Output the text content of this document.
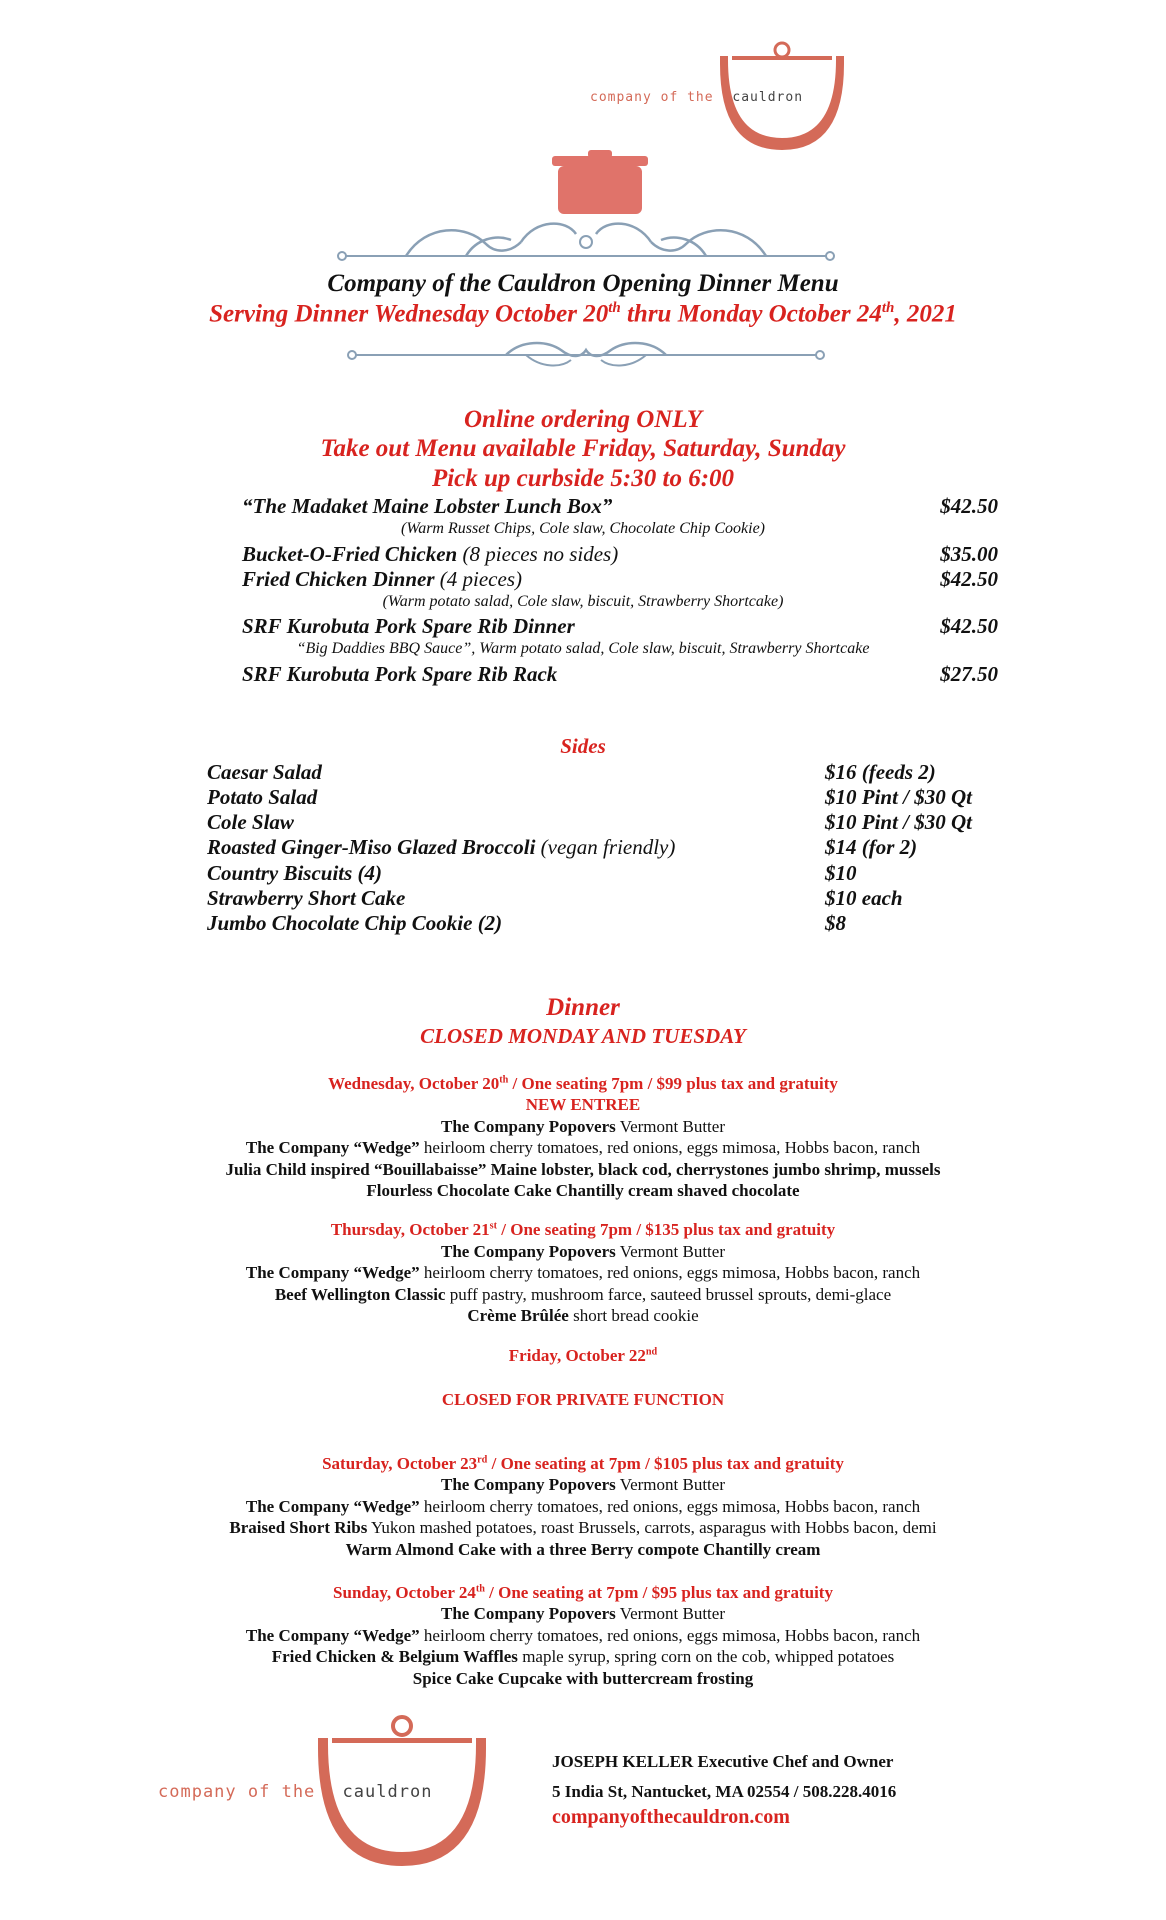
company of the cauldron
Company of the Cauldron Opening Dinner Menu
Serving Dinner Wednesday October 20th thru Monday October 24th, 2021
Online ordering ONLY
Take out Menu available Friday, Saturday, Sunday
Pick up curbside 5:30 to 6:00
“The Madaket Maine Lobster Lunch Box”	$42.50
(Warm Russet Chips, Cole slaw, Chocolate Chip Cookie)
Bucket-O-Fried Chicken (8 pieces no sides)	$35.00
Fried Chicken Dinner (4 pieces)	$42.50
(Warm potato salad, Cole slaw, biscuit, Strawberry Shortcake)
SRF Kurobuta Pork Spare Rib Dinner	$42.50
“Big Daddies BBQ Sauce”, Warm potato salad, Cole slaw, biscuit, Strawberry Shortcake
SRF Kurobuta Pork Spare Rib Rack	$27.50
Sides
Caesar Salad	$16 (feeds 2)
Potato Salad	$10 Pint / $30 Qt
Cole Slaw	$10 Pint / $30 Qt
Roasted Ginger-Miso Glazed Broccoli (vegan friendly)	$14 (for 2)
Country Biscuits (4)	$10
Strawberry Short Cake	$10 each
Jumbo Chocolate Chip Cookie (2)	$8
Dinner
CLOSED MONDAY AND TUESDAY
Wednesday, October 20th / One seating 7pm / $99 plus tax and gratuity
NEW ENTREE
The Company Popovers Vermont Butter
The Company “Wedge” heirloom cherry tomatoes, red onions, eggs mimosa, Hobbs bacon, ranch
Julia Child inspired “Bouillabaisse” Maine lobster, black cod, cherrystones jumbo shrimp, mussels
Flourless Chocolate Cake Chantilly cream shaved chocolate
Thursday, October 21st / One seating 7pm / $135 plus tax and gratuity
The Company Popovers Vermont Butter
The Company “Wedge” heirloom cherry tomatoes, red onions, eggs mimosa, Hobbs bacon, ranch
Beef Wellington Classic puff pastry, mushroom farce, sauteed brussel sprouts, demi-glace
Crème Brûlée short bread cookie
Friday, October 22nd
CLOSED FOR PRIVATE FUNCTION
Saturday, October 23rd / One seating at 7pm / $105 plus tax and gratuity
The Company Popovers Vermont Butter
The Company “Wedge” heirloom cherry tomatoes, red onions, eggs mimosa, Hobbs bacon, ranch
Braised Short Ribs Yukon mashed potatoes, roast Brussels, carrots, asparagus with Hobbs bacon, demi
Warm Almond Cake with a three Berry compote Chantilly cream
Sunday, October 24th / One seating at 7pm / $95 plus tax and gratuity
The Company Popovers Vermont Butter
The Company “Wedge” heirloom cherry tomatoes, red onions, eggs mimosa, Hobbs bacon, ranch
Fried Chicken & Belgium Waffles maple syrup, spring corn on the cob, whipped potatoes
Spice Cake Cupcake with buttercream frosting
company of the cauldron
JOSEPH KELLER Executive Chef and Owner
5 India St, Nantucket, MA 02554 / 508.228.4016
companyofthecauldron.com
